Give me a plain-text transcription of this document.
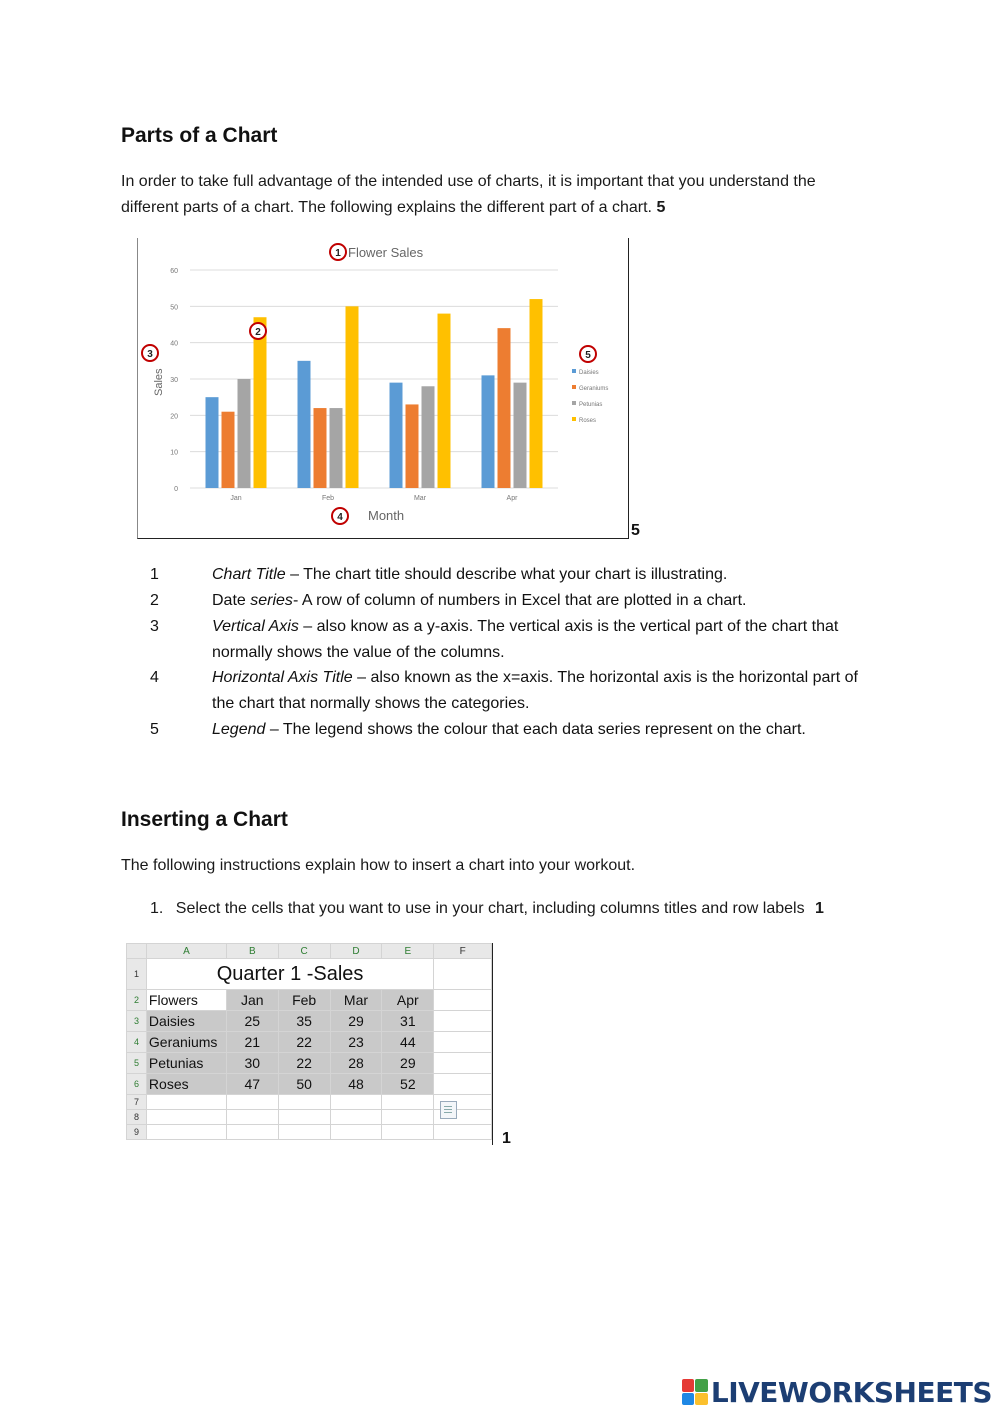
Parts of a Chart
In order to take full advantage of the intended use of charts, it is important that you understand the
different parts of a chart. The following explains the different part of a chart. 5
0
10
20
30
40
50
60
Jan	Feb	Mar	Apr
Flower Sales
Month
Sales	Daisies
Geraniums
Petunias
Roses
1
2
3
4
5
5
1	Chart Title – The chart title should describe what your chart is illustrating.
2	Date series- A row of column of numbers in Excel that are plotted in a chart.
3	Vertical Axis – also know as a y-axis. The vertical axis is the vertical part of the chart that normally shows the value of the columns.
4	Horizontal Axis Title – also known as the x=axis. The horizontal axis is the horizontal part of the chart that normally shows the categories.
5	Legend – The legend shows the colour that each data series represent on the chart.
Inserting a Chart
The following instructions explain how to insert a chart into your workout.
1. Select the cells that you want to use in your chart, including columns titles and row labels 1
	A	B	C	D	E	F
1	Quarter 1 -Sales					
2	Flowers	Jan	Feb	Mar	Apr	
3	Daisies	25	35	29	31	
4	Geraniums	21	22	23	44	
5	Petunias	30	22	28	29	
6	Roses	47	50	48	52	
7						
8						
9							1
LIVEWORKSHEETS
